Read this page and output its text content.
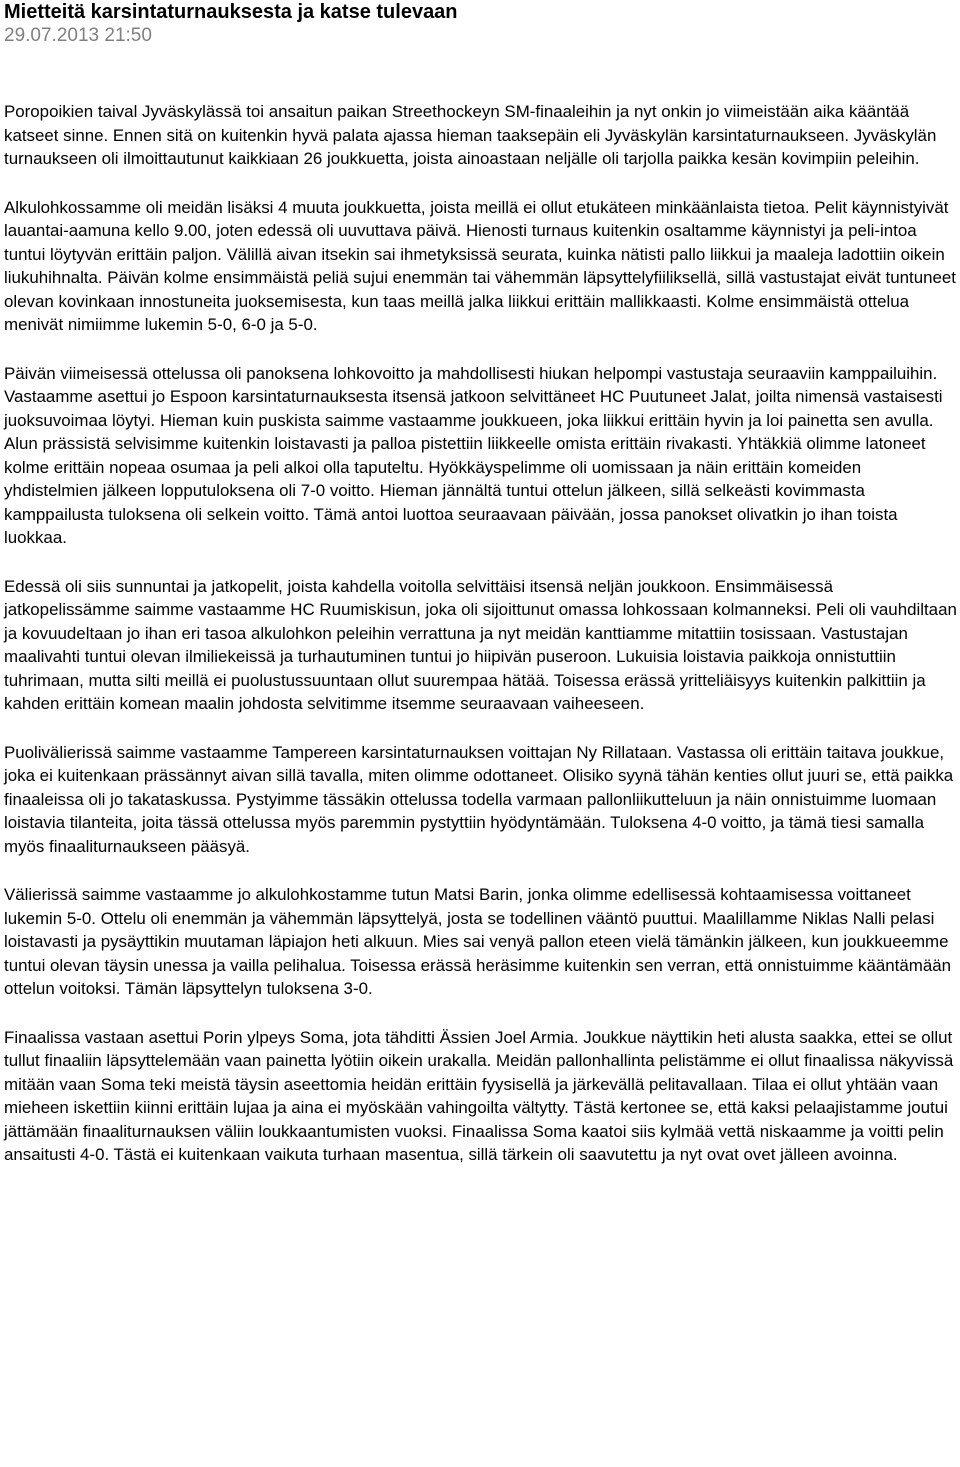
Mietteitä karsintaturnauksesta ja katse tulevaan
29.07.2013 21:50

Poropoikien taival Jyväskylässä toi ansaitun paikan Streethockeyn SM-finaaleihin ja nyt onkin jo viimeistään aika kääntää katseet sinne. Ennen sitä on kuitenkin hyvä palata ajassa hieman taaksepäin eli Jyväskylän karsintaturnaukseen. Jyväskylän turnaukseen oli ilmoittautunut kaikkiaan 26 joukkuetta, joista ainoastaan neljälle oli tarjolla paikka kesän kovimpiin peleihin.

Alkulohkossamme oli meidän lisäksi 4 muuta joukkuetta, joista meillä ei ollut etukäteen minkäänlaista tietoa. Pelit käynnistyivät lauantai-aamuna kello 9.00, joten edessä oli uuvuttava päivä. Hienosti turnaus kuitenkin osaltamme käynnistyi ja peli-intoa tuntui löytyvän erittäin paljon. Välillä aivan itsekin sai ihmetyksissä seurata, kuinka nätisti pallo liikkui ja maaleja ladottiin oikein liukuhihnalta. Päivän kolme ensimmäistä peliä sujui enemmän tai vähemmän läpsyttelyfiiliksellä, sillä vastustajat eivät tuntuneet olevan kovinkaan innostuneita juoksemisesta, kun taas meillä jalka liikkui erittäin mallikkaasti. Kolme ensimmäistä ottelua menivät nimiimme lukemin 5-0, 6-0 ja 5-0.

Päivän viimeisessä ottelussa oli panoksena lohkovoitto ja mahdollisesti hiukan helpompi vastustaja seuraaviin kamppailuihin. Vastaamme asettui jo Espoon karsintaturnauksesta itsensä jatkoon selvittäneet HC Puutuneet Jalat, joilta nimensä vastaisesti juoksuvoimaa löytyi. Hieman kuin puskista saimme vastaamme joukkueen, joka liikkui erittäin hyvin ja loi painetta sen avulla. Alun prässistä selvisimme kuitenkin loistavasti ja palloa pistettiin liikkeelle omista erittäin rivakasti. Yhtäkkiä olimme latoneet kolme erittäin nopeaa osumaa ja peli alkoi olla taputeltu. Hyökkäyspelimme oli uomissaan ja näin erittäin komeiden yhdistelmien jälkeen lopputuloksena oli 7-0 voitto. Hieman jännältä tuntui ottelun jälkeen, sillä selkeästi kovimmasta kamppailusta tuloksena oli selkein voitto. Tämä antoi luottoa seuraavaan päivään, jossa panokset olivatkin jo ihan toista luokkaa.

Edessä oli siis sunnuntai ja jatkopelit, joista kahdella voitolla selvittäisi itsensä neljän joukkoon. Ensimmäisessä jatkopelissämme saimme vastaamme HC Ruumiskisun, joka oli sijoittunut omassa lohkossaan kolmanneksi. Peli oli vauhdiltaan ja kovuudeltaan jo ihan eri tasoa alkulohkon peleihin verrattuna ja nyt meidän kanttiamme mitattiin tosissaan. Vastustajan maalivahti tuntui olevan ilmiliekeissä ja turhautuminen tuntui jo hiipivän puseroon. Lukuisia loistavia paikkoja onnistuttiin tuhrimaan, mutta silti meillä ei puolustussuuntaan ollut suurempaa hätää. Toisessa erässä yritteliäisyys kuitenkin palkittiin ja kahden erittäin komean maalin johdosta selvitimme itsemme seuraavaan vaiheeseen.

Puolivälierissä saimme vastaamme Tampereen karsintaturnauksen voittajan Ny Rillataan. Vastassa oli erittäin taitava joukkue, joka ei kuitenkaan prässännyt aivan sillä tavalla, miten olimme odottaneet. Olisiko syynä tähän kenties ollut juuri se, että paikka finaaleissa oli jo takataskussa. Pystyimme tässäkin ottelussa todella varmaan pallonliikutteluun ja näin onnistuimme luomaan loistavia tilanteita, joita tässä ottelussa myös paremmin pystyttiin hyödyntämään. Tuloksena 4-0 voitto, ja tämä tiesi samalla myös finaaliturnaukseen pääsyä.

Välierissä saimme vastaamme jo alkulohkostamme tutun Matsi Barin, jonka olimme edellisessä kohtaamisessa voittaneet lukemin 5-0. Ottelu oli enemmän ja vähemmän läpsyttelyä, josta se todellinen vääntö puuttui. Maalillamme Niklas Nalli pelasi loistavasti ja pysäyttikin muutaman läpiajon heti alkuun. Mies sai venyä pallon eteen vielä tämänkin jälkeen, kun joukkueemme tuntui olevan täysin unessa ja vailla pelihalua. Toisessa erässä heräsimme kuitenkin sen verran, että onnistuimme kääntämään ottelun voitoksi. Tämän läpsyttelyn tuloksena 3-0.

Finaalissa vastaan asettui Porin ylpeys Soma, jota tähditti Ässien Joel Armia. Joukkue näyttikin heti alusta saakka, ettei se ollut tullut finaaliin läpsyttelemään vaan painetta lyötiin oikein urakalla. Meidän pallonhallinta pelistämme ei ollut finaalissa näkyvissä mitään vaan Soma teki meistä täysin aseettomia heidän erittäin fyysisellä ja järkevällä pelitavallaan. Tilaa ei ollut yhtään vaan mieheen iskettiin kiinni erittäin lujaa ja aina ei myöskään vahingoilta vältytty. Tästä kertonee se, että kaksi pelaajistamme joutui jättämään finaaliturnauksen väliin loukkaantumisten vuoksi. Finaalissa Soma kaatoi siis kylmää vettä niskaamme ja voitti pelin ansaitusti 4-0. Tästä ei kuitenkaan vaikuta turhaan masentua, sillä tärkein oli saavutettu ja nyt ovat ovet jälleen avoinna.
